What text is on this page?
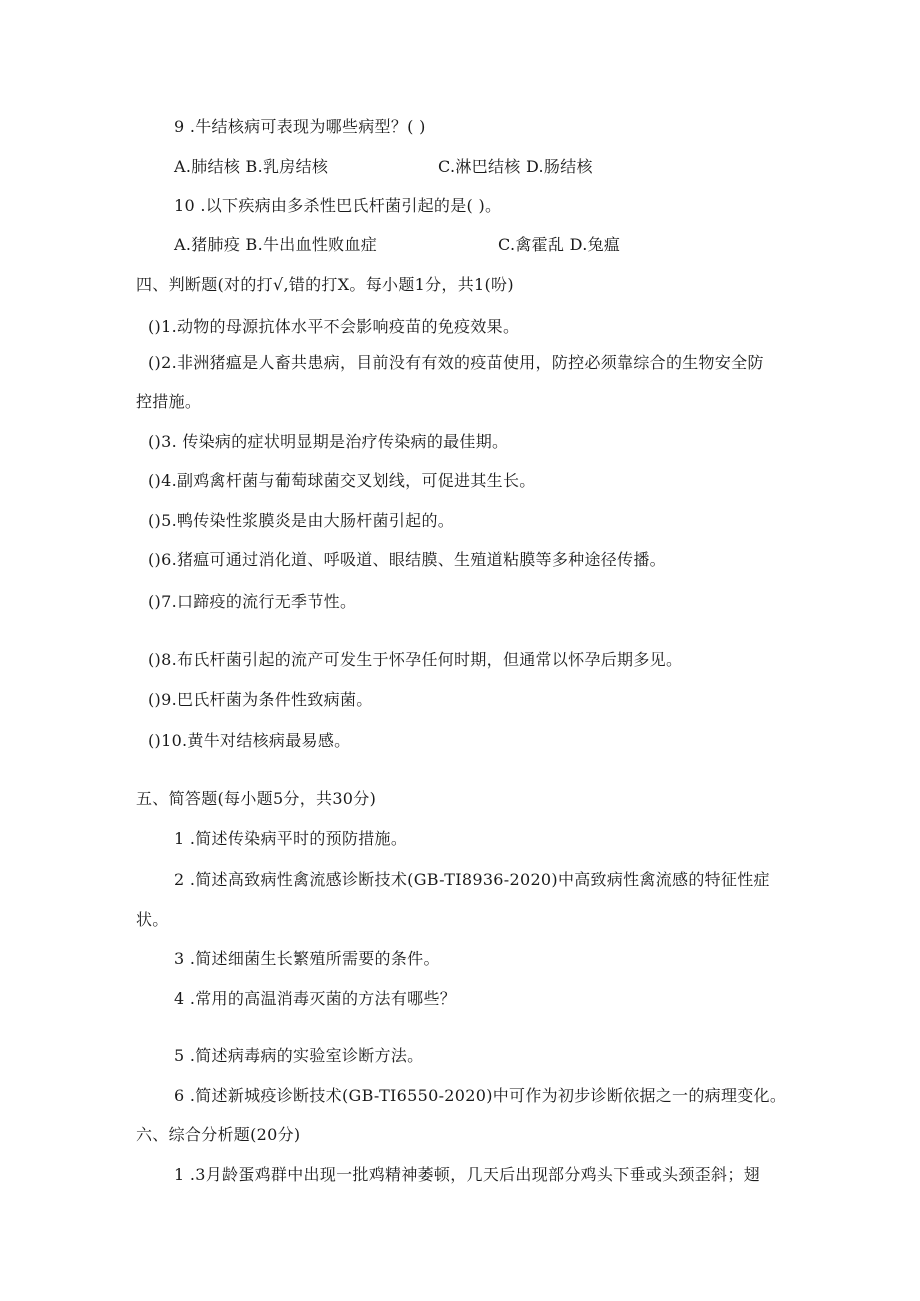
9 .牛结核病可表现为哪些病型？( )
A.肺结核 B.乳房结核	C.淋巴结核 D.肠结核
10 .以下疾病由多杀性巴氏杆菌引起的是( )。
A.猪肺疫 B.牛出血性败血症	C.禽霍乱 D.兔瘟
四、判断题(对的打√,错的打X。每小题1分，共1(吩)
()1.动物的母源抗体水平不会影响疫苗的免疫效果。
()2.非洲猪瘟是人畜共患病，目前没有有效的疫苗使用，防控必须靠综合的生物安全防
控措施。
()3. 传染病的症状明显期是治疗传染病的最佳期。
()4.副鸡禽杆菌与葡萄球菌交叉划线，可促进其生长。
()5.鸭传染性浆膜炎是由大肠杆菌引起的。
()6.猪瘟可通过消化道、呼吸道、眼结膜、生殖道粘膜等多种途径传播。
()7.口蹄疫的流行无季节性。
()8.布氏杆菌引起的流产可发生于怀孕任何时期，但通常以怀孕后期多见。
()9.巴氏杆菌为条件性致病菌。
()10.黄牛对结核病最易感。
五、简答题(每小题5分，共30分)
1 .简述传染病平时的预防措施。
2 .简述高致病性禽流感诊断技术(GB-TI8936-2020)中高致病性禽流感的特征性症
状。
3 .简述细菌生长繁殖所需要的条件。
4 .常用的高温消毒灭菌的方法有哪些？
5 .简述病毒病的实验室诊断方法。
6 .简述新城疫诊断技术(GB-TI6550-2020)中可作为初步诊断依据之一的病理变化。
六、综合分析题(20分)
1 .3月龄蛋鸡群中出现一批鸡精神萎顿，几天后出现部分鸡头下垂或头颈歪斜；翅
